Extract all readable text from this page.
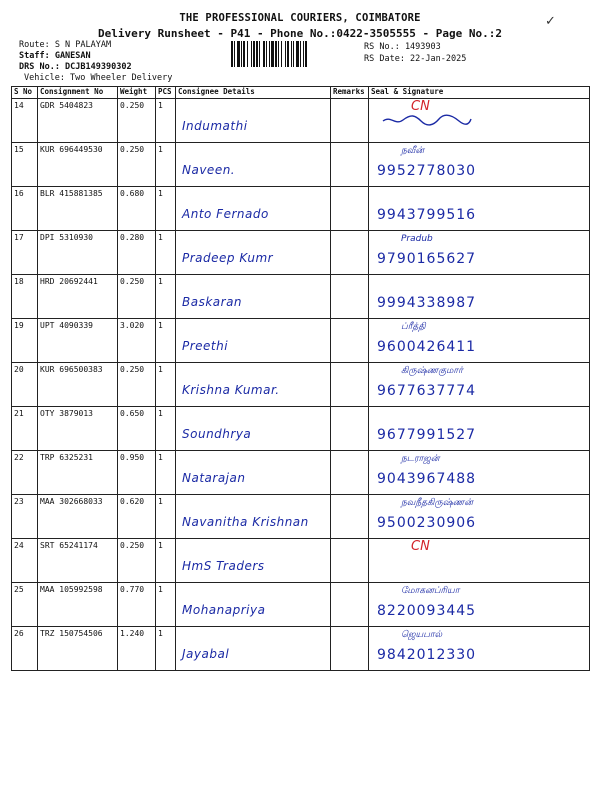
THE PROFESSIONAL COURIERS, COIMBATORE
Delivery Runsheet - P41 - Phone No.:0422-3505555 - Page No.:2
✓
Route: S N PALAYAM
Staff: GANESAN
DRS No.: DCJB149390302
Vehicle: Two Wheeler Delivery
RS No.: 1493903
RS Date: 22-Jan-2025
S No	Consignment No	Weight	PCS	Consignee Details	Remarks	Seal & Signature
14	GDR 5404823	0.250	1	Indumathi		CN

15	KUR 696449530	0.250	1	Naveen.		நவீன்
9952778030

16	BLR 415881385	0.680	1	Anto Fernado		9943799516

17	DPI 5310930	0.280	1	Pradeep Kumr		Pradub
9790165627

18	HRD 20692441	0.250	1	Baskaran		9994338987

19	UPT 4090339	3.020	1	Preethi		ப்ரீத்தி
9600426411

20	KUR 696500383	0.250	1	Krishna Kumar.		கிருஷ்ணகுமார்
9677637774

21	OTY 3879013	0.650	1	Soundhrya		9677991527

22	TRP 6325231	0.950	1	Natarajan		நடராஜன்
9043967488

23	MAA 302668033	0.620	1	Navanitha Krishnan		நவநீதகிருஷ்ணன்
9500230906

24	SRT 65241174	0.250	1	HmS Traders		CN

25	MAA 105992598	0.770	1	Mohanapriya		மோகனப்ரியா
8220093445

26	TRZ 150754506	1.240	1	Jayabal		ஜெயபால்
9842012330
